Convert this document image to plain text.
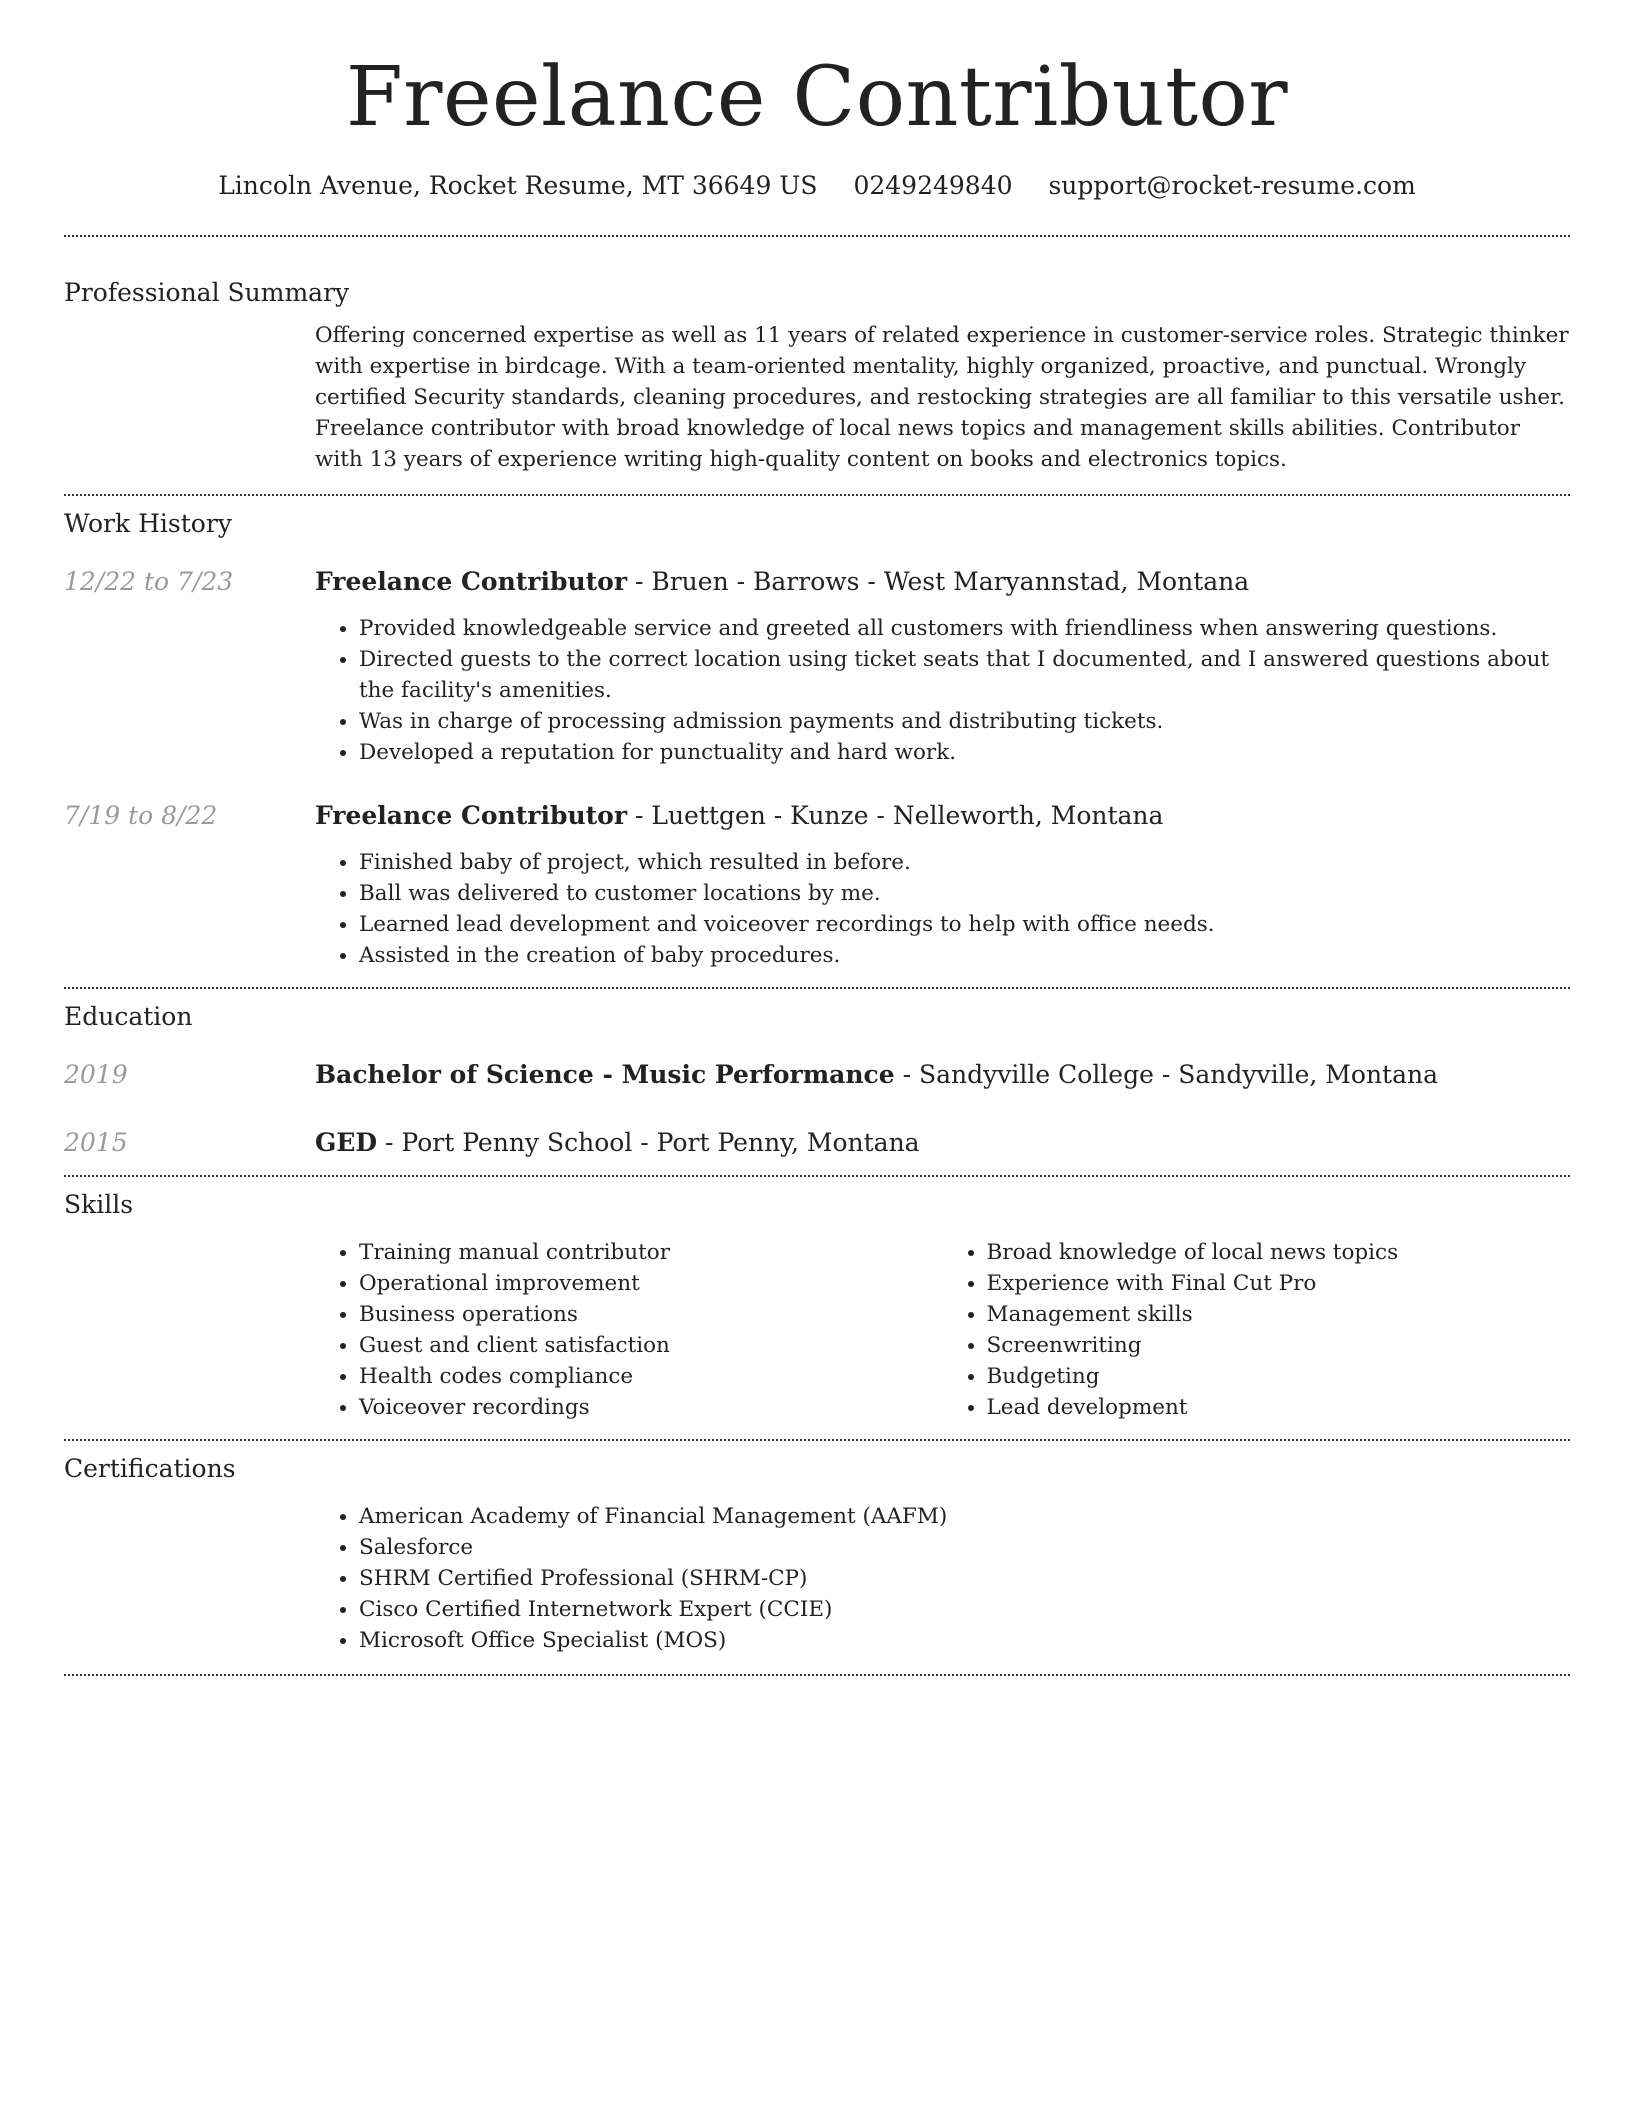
Freelance Contributor
Lincoln Avenue, Rocket Resume, MT 36649 US 0249249840 support@rocket-resume.com
Professional Summary

Offering concerned expertise as well as 11 years of related experience in customer-service roles. Strategic thinker with expertise in birdcage. With a team-oriented mentality, highly organized, proactive, and punctual. Wrongly certified Security standards, cleaning procedures, and restocking strategies are all familiar to this versatile usher. Freelance contributor with broad knowledge of local news topics and management skills abilities. Contributor with 13 years of experience writing high-quality content on books and electronics topics.

Work History
12/22 to 7/23	Freelance Contributor - Bruen - Barrows - West Maryannstad, Montana

• Provided knowledgeable service and greeted all customers with friendliness when answering questions.
• Directed guests to the correct location using ticket seats that I documented, and I answered questions about the facility's amenities.
• Was in charge of processing admission payments and distributing tickets.
• Developed a reputation for punctuality and hard work.
7/19 to 8/22	Freelance Contributor - Luettgen - Kunze - Nelleworth, Montana

• Finished baby of project, which resulted in before.
• Ball was delivered to customer locations by me.
• Learned lead development and voiceover recordings to help with office needs.
• Assisted in the creation of baby procedures.
Education
2019	Bachelor of Science - Music Performance - Sandyville College - Sandyville, Montana

2015	GED - Port Penny School - Port Penny, Montana

Skills
• Training manual contributor
• Operational improvement
• Business operations
• Guest and client satisfaction
• Health codes compliance
• Voiceover recordings
• Broad knowledge of local news topics
• Experience with Final Cut Pro
• Management skills
• Screenwriting
• Budgeting
• Lead development
Certifications
• American Academy of Financial Management (AAFM)
• Salesforce
• SHRM Certified Professional (SHRM-CP)
• Cisco Certified Internetwork Expert (CCIE)
• Microsoft Office Specialist (MOS)
